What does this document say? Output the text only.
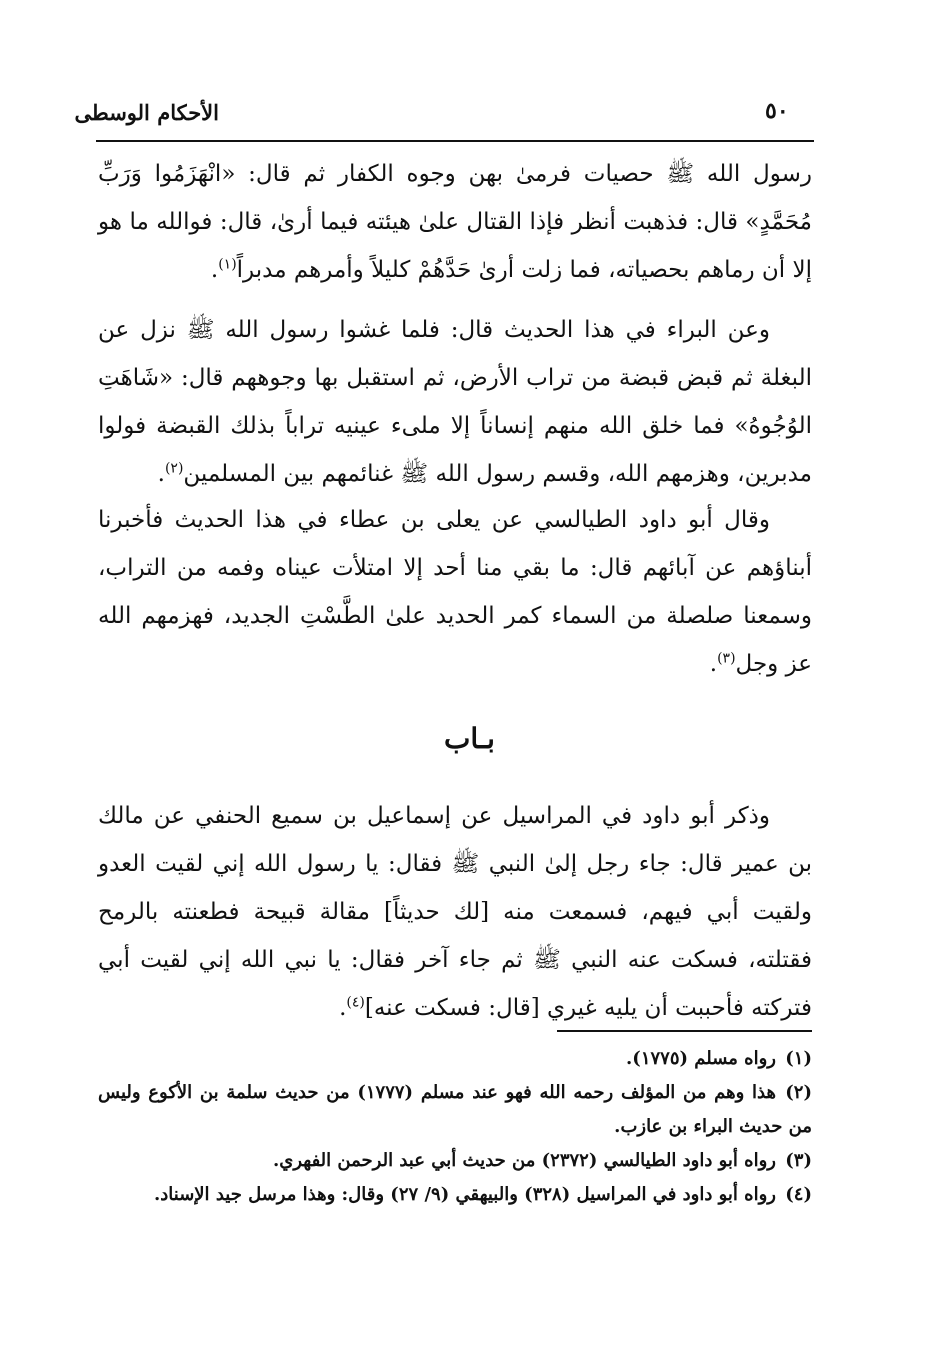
٥٠
الأحكام الوسطى

رسول الله ﷺ حصيات فرمىٰ بهن وجوه الكفار ثم قال: «انْهَزَمُوا وَرَبِّ مُحَمَّدٍ» قال: فذهبت أنظر فإذا القتال علىٰ هيئته فيما أرىٰ، قال: فوالله ما هو إلا أن رماهم بحصياته، فما زلت أرىٰ حَدَّهُمْ كليلاً وأمرهم مدبراً$^{(١)}$.

وعن البراء في هذا الحديث قال: فلما غشوا رسول الله ﷺ نزل عن البغلة ثم قبض قبضة من تراب الأرض، ثم استقبل بها وجوههم قال: «شَاهَتِ الوُجُوهُ» فما خلق الله منهم إنساناً إلا ملىء عينيه تراباً بذلك القبضة فولوا مدبرين، وهزمهم الله، وقسم رسول الله ﷺ غنائمهم بين المسلمين$^{(٢)}$.

وقال أبو داود الطيالسي عن يعلى بن عطاء في هذا الحديث فأخبرنا أبناؤهم عن آبائهم قال: ما بقي منا أحد إلا امتلأت عيناه وفمه من التراب، وسمعنا صلصلة من السماء كمر الحديد علىٰ الطَّسْتِ الجديد، فهزمهم الله عز وجل$^{(٣)}$.

بـاب

وذكر أبو داود في المراسيل عن إسماعيل بن سميع الحنفي عن مالك بن عمير قال: جاء رجل إلىٰ النبي ﷺ فقال: يا رسول الله إني لقيت العدو ولقيت أبي فيهم، فسمعت منه [لك حديثاً] مقالة قبيحة فطعنته بالرمح فقتلته، فسكت عنه النبي ﷺ ثم جاء آخر فقال: يا نبي الله إني لقيت أبي فتركته فأحببت أن يليه غيري [قال: فسكت عنه]$^{(٤)}$.

(١)رواه مسلم (١٧٧٥).

(٢)هذا وهم من المؤلف رحمه الله فهو عند مسلم (١٧٧٧) من حديث سلمة بن الأكوع وليس من حديث البراء بن عازب.

(٣)رواه أبو داود الطيالسي (٢٣٧٢) من حديث أبي عبد الرحمن الفهري.

(٤)رواه أبو داود في المراسيل (٣٢٨) والبيهقي (٩/ ٢٧) وقال: وهذا مرسل جيد الإسناد.
